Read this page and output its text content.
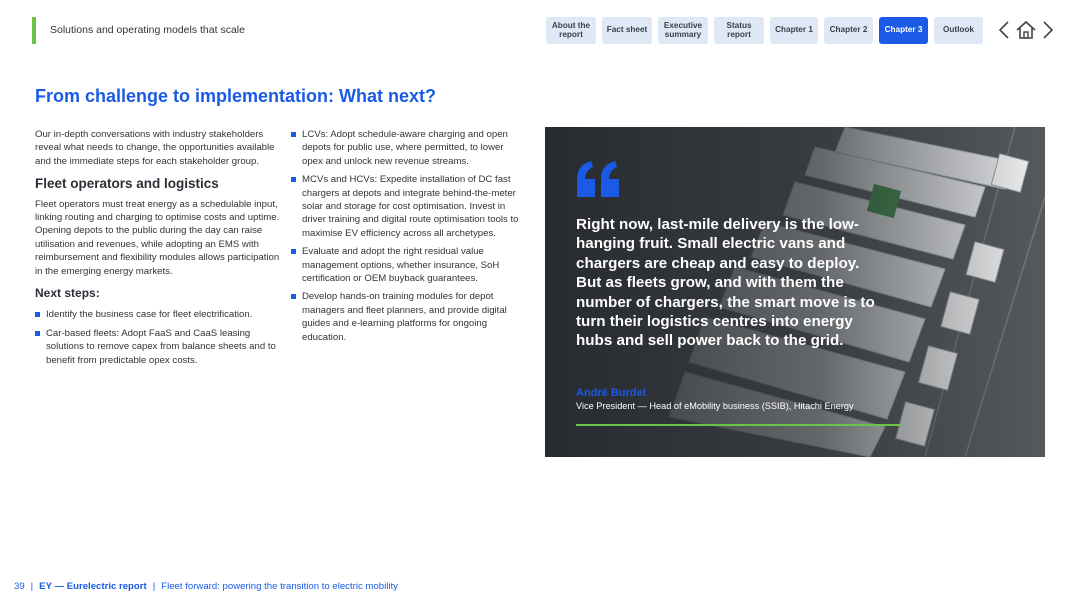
Solutions and operating models that scale	About the report	Fact sheet	Executive summary
Status report	Chapter 1	Chapter 2	Chapter 3	Outlook
From challenge to implementation: What next?

Our in-depth conversations with industry stakeholders reveal what needs to change, the opportunities available and the immediate steps for each stakeholder group.

Fleet operators and logistics

Fleet operators must treat energy as a schedulable input, linking routing and charging to optimise costs and uptime. Opening depots to the public during the day can raise utilisation and revenues, while adopting an EMS with reimbursement and flexibility modules allows participation in the emerging energy markets.

Next steps:
Identify the business case for fleet electrification.
Car-based fleets: Adopt FaaS and CaaS leasing solutions to remove capex from balance sheets and to benefit from predictable opex costs.
LCVs: Adopt schedule-aware charging and open depots for public use, where permitted, to lower opex and unlock new revenue streams.
MCVs and HCVs: Expedite installation of DC fast chargers at depots and integrate behind-the-meter solar and storage for cost optimisation. Invest in driver training and digital route optimisation tools to maximise EV efficiency across all archetypes.
Evaluate and adopt the right residual value management options, whether insurance, SoH certification or OEM buyback guarantees.
Develop hands-on training modules for depot managers and fleet planners, and provide digital guides and e-learning platforms for ongoing education.

Right now, last-mile delivery is the low-hanging fruit. Small electric vans and chargers are cheap and easy to deploy. But as fleets grow, and with them the number of chargers, the smart move is to turn their logistics centres into energy hubs and sell power back to the grid.

André Burdet
Vice President — Head of eMobility business (SSIB), Hitachi Energy
39 | EY — Eurelectric report | Fleet forward: powering the transition to electric mobility
